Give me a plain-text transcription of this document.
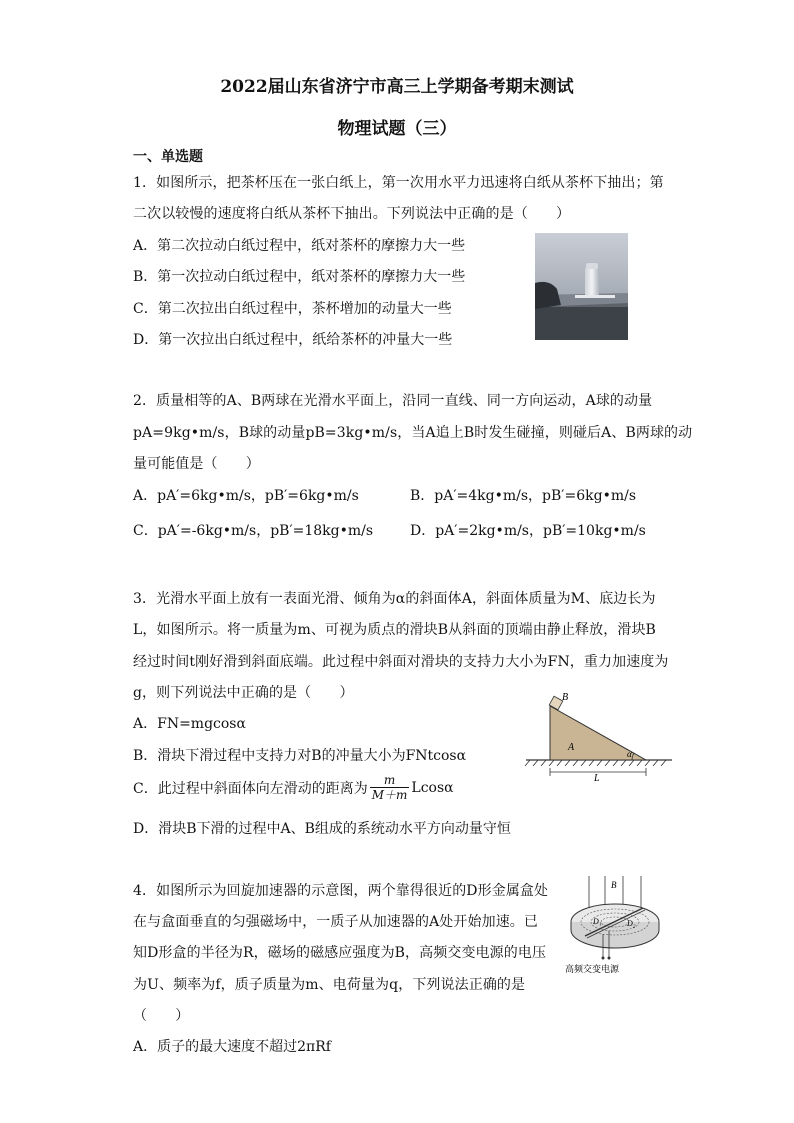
2022届山东省济宁市高三上学期备考期末测试
物理试题（三）
一、单选题
1．如图所示，把茶杯压在一张白纸上，第一次用水平力迅速将白纸从茶杯下抽出；第
二次以较慢的速度将白纸从茶杯下抽出。下列说法中正确的是（　　）
A．第二次拉动白纸过程中，纸对茶杯的摩擦力大一些
B．第一次拉动白纸过程中，纸对茶杯的摩擦力大一些
C．第二次拉出白纸过程中，茶杯增加的动量大一些
D．第一次拉出白纸过程中，纸给茶杯的冲量大一些
2．质量相等的A、B两球在光滑水平面上，沿同一直线、同一方向运动，A球的动量
pA=9kg•m/s，B球的动量pB=3kg•m/s，当A追上B时发生碰撞，则碰后A、B两球的动
量可能值是（　　）
A．pA′=6kg•m/s，pB′=6kg•m/s	B．pA′=4kg•m/s，pB′=6kg•m/s
C．pA′=-6kg•m/s，pB′=18kg•m/s	D．pA′=2kg•m/s，pB′=10kg•m/s
3．光滑水平面上放有一表面光滑、倾角为α的斜面体A，斜面体质量为M、底边长为
L，如图所示。将一质量为m、可视为质点的滑块B从斜面的顶端由静止释放，滑块B
经过时间t刚好滑到斜面底端。此过程中斜面对滑块的支持力大小为FN，重力加速度为
g，则下列说法中正确的是（　　）
A．FN=mgcosα
B．滑块下滑过程中支持力对B的冲量大小为FNtcosα
C．此过程中斜面体向左滑动的距离为 $\frac{m}{M+m}$ Lcosα
D．滑块B下滑的过程中A、B组成的系统动水平方向动量守恒
B
A
α
L
4．如图所示为回旋加速器的示意图，两个靠得很近的D形金属盒处
在与盒面垂直的匀强磁场中，一质子从加速器的A处开始加速。已
知D形盒的半径为R，磁场的磁感应强度为B，高频交变电源的电压
为U、频率为f，质子质量为m、电荷量为q，下列说法正确的是
（　　）
A．质子的最大速度不超过2πRf
B
D₁	D₂
高频交变电源
